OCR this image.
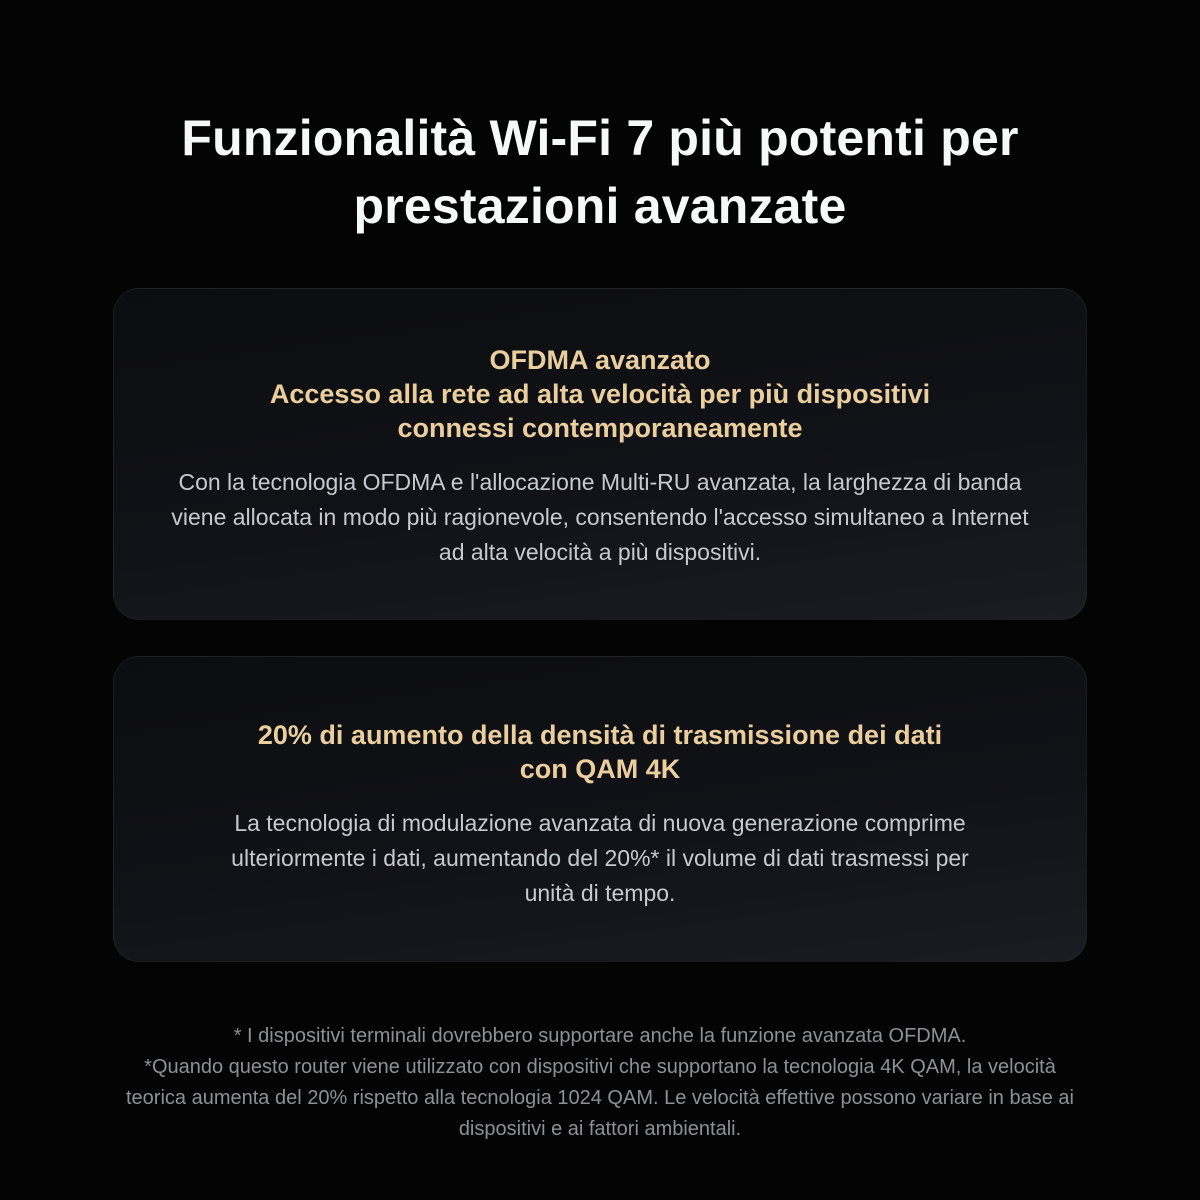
Funzionalità Wi-Fi 7 più potenti per
prestazioni avanzate
OFDMA avanzato
Accesso alla rete ad alta velocità per più dispositivi
connessi contemporaneamente

Con la tecnologia OFDMA e l'allocazione Multi-RU avanzata, la larghezza di banda
viene allocata in modo più ragionevole, consentendo l'accesso simultaneo a Internet
ad alta velocità a più dispositivi.

20% di aumento della densità di trasmissione dei dati
con QAM 4K

La tecnologia di modulazione avanzata di nuova generazione comprime
ulteriormente i dati, aumentando del 20%* il volume di dati trasmessi per
unità di tempo.

* I dispositivi terminali dovrebbero supportare anche la funzione avanzata OFDMA.
*Quando questo router viene utilizzato con dispositivi che supportano la tecnologia 4K QAM, la velocità
teorica aumenta del 20% rispetto alla tecnologia 1024 QAM. Le velocità effettive possono variare in base ai
dispositivi e ai fattori ambientali.
